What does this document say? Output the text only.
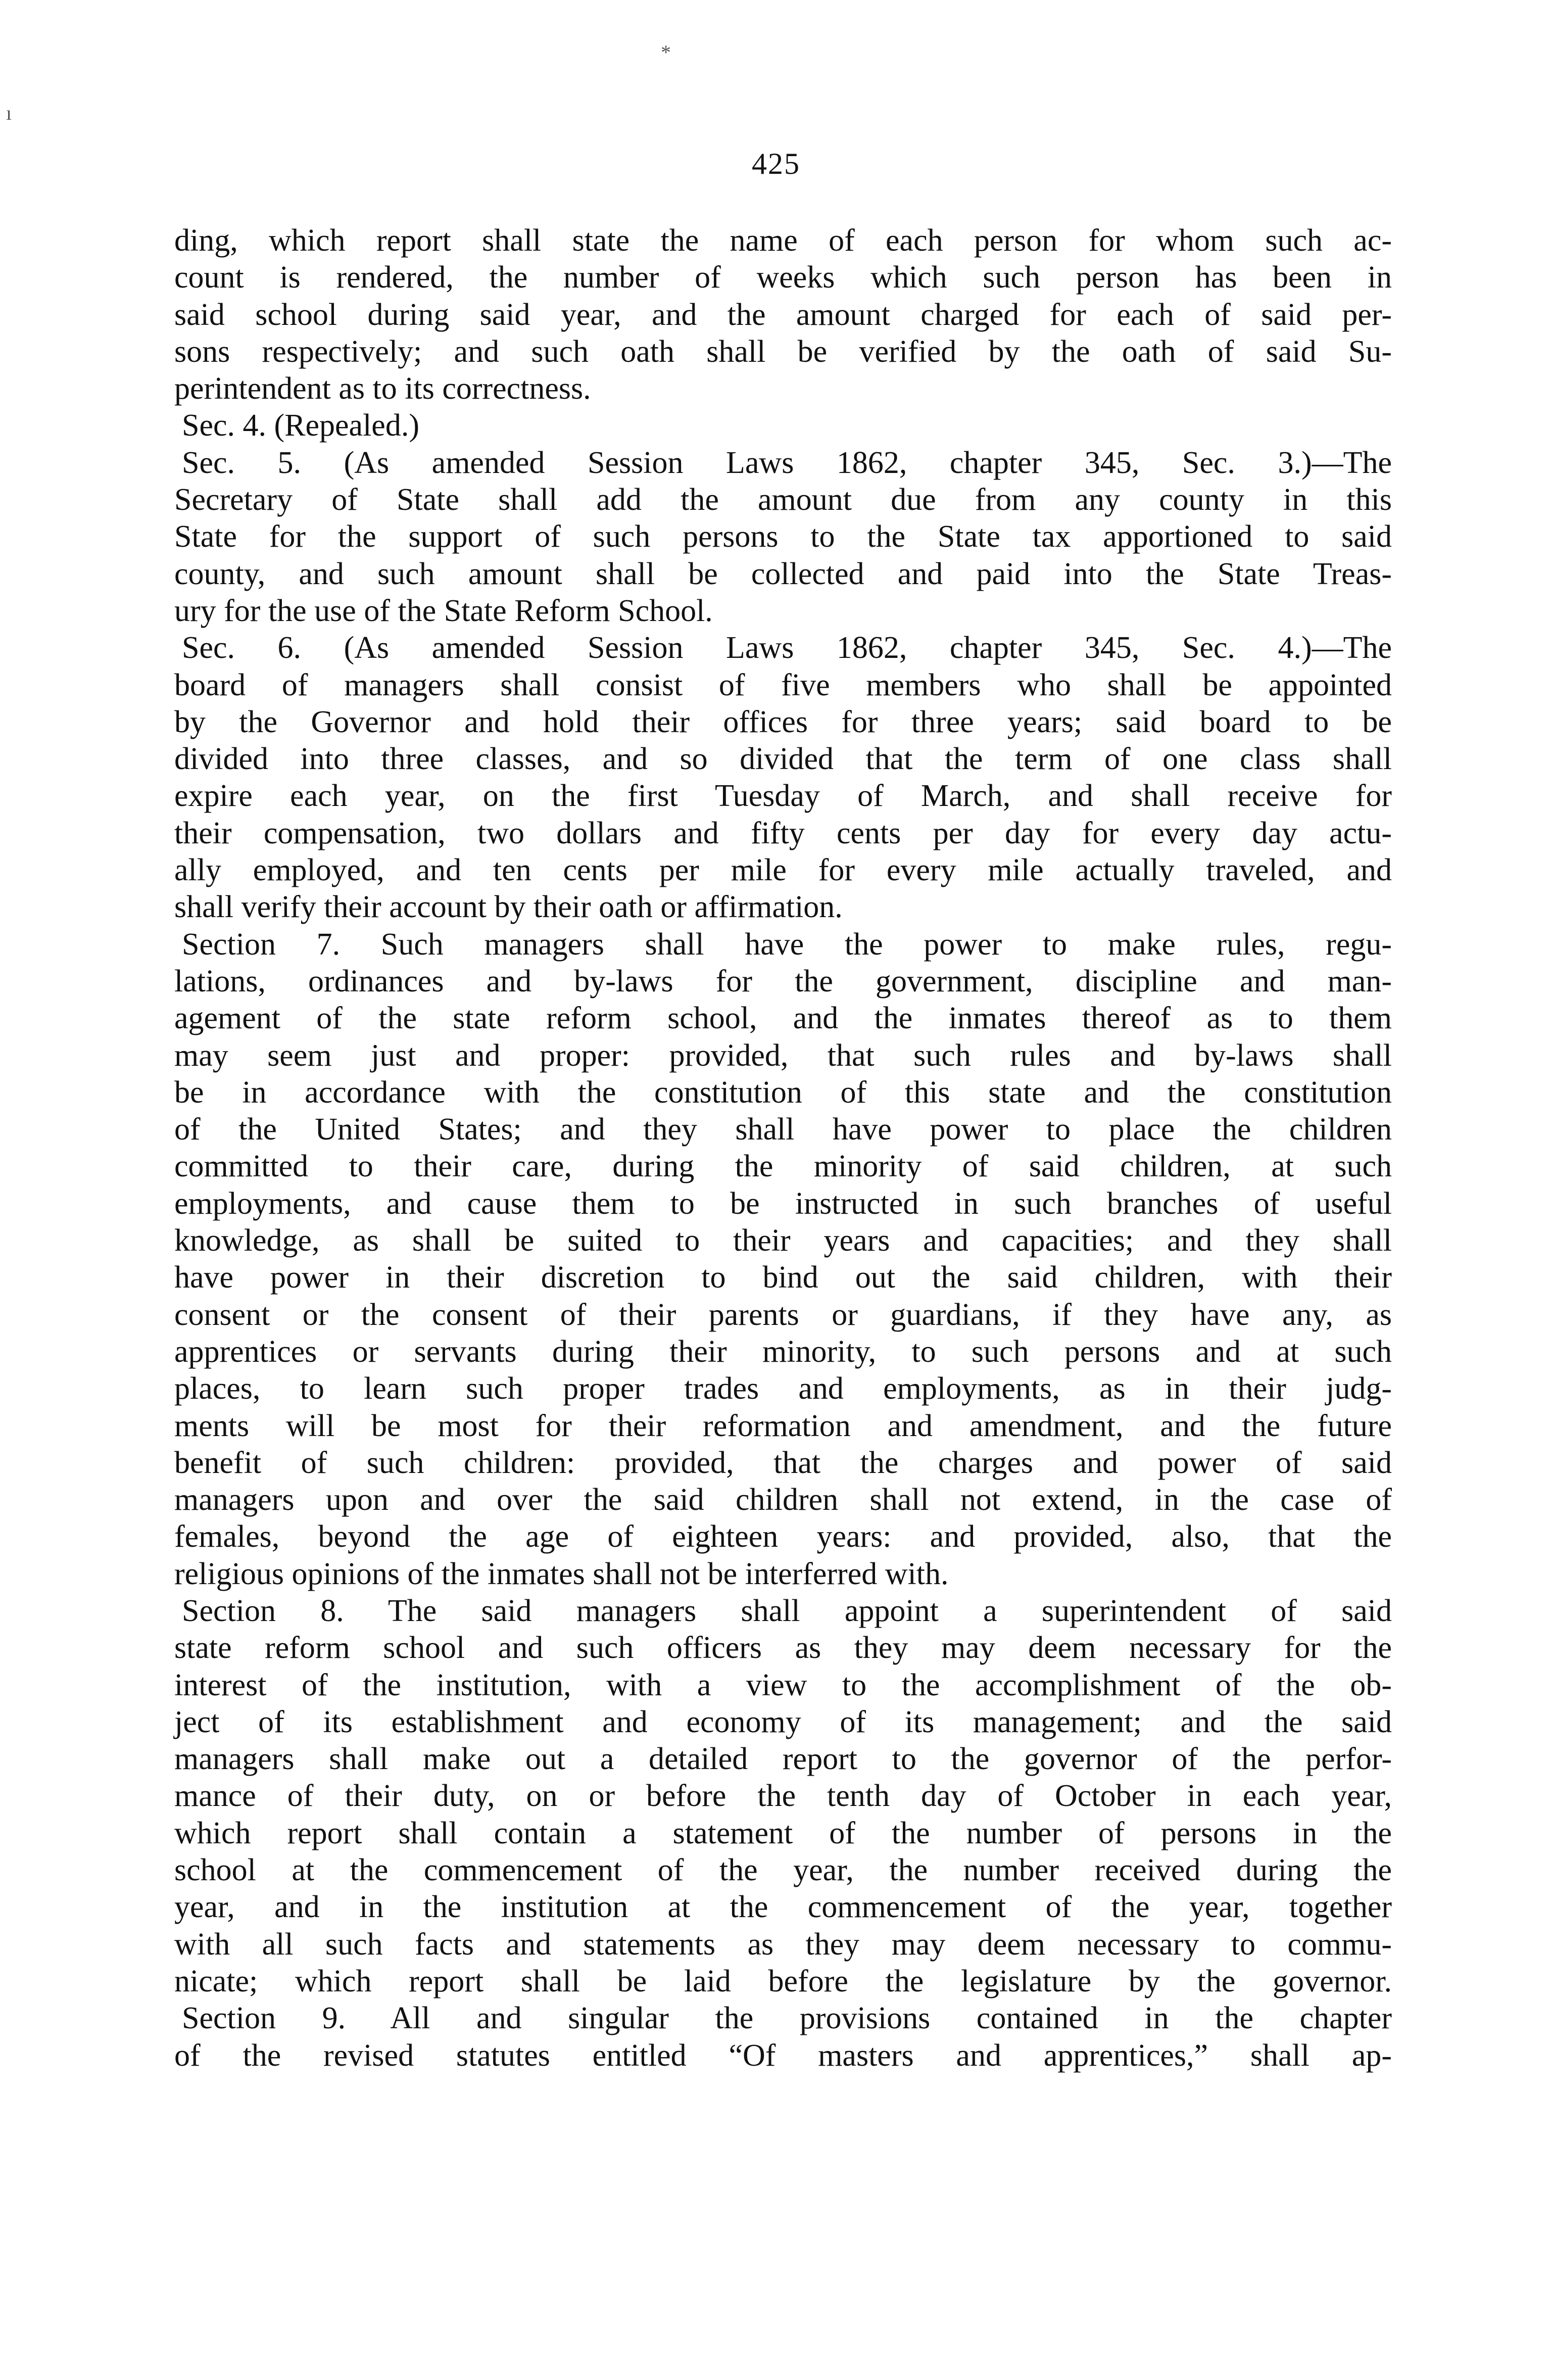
*
ı
425
ding, which report shall state the name of each person for whom such ac-
count is rendered, the number of weeks which such person has been in
said school during said year, and the amount charged for each of said per-
sons respectively; and such oath shall be verified by the oath of said Su-
perintendent as to its correctness.
Sec. 4. (Repealed.)
Sec. 5. (As amended Session Laws 1862, chapter 345, Sec. 3.)—The
Secretary of State shall add the amount due from any county in this
State for the support of such persons to the State tax apportioned to said
county, and such amount shall be collected and paid into the State Treas-
ury for the use of the State Reform School.
Sec. 6. (As amended Session Laws 1862, chapter 345, Sec. 4.)—The
board of managers shall consist of five members who shall be appointed
by the Governor and hold their offices for three years; said board to be
divided into three classes, and so divided that the term of one class shall
expire each year, on the first Tuesday of March, and shall receive for
their compensation, two dollars and fifty cents per day for every day actu-
ally employed, and ten cents per mile for every mile actually traveled, and
shall verify their account by their oath or affirmation.
Section 7. Such managers shall have the power to make rules, regu-
lations, ordinances and by-laws for the government, discipline and man-
agement of the state reform school, and the inmates thereof as to them
may seem just and proper: provided, that such rules and by-laws shall
be in accordance with the constitution of this state and the constitution
of the United States; and they shall have power to place the children
committed to their care, during the minority of said children, at such
employments, and cause them to be instructed in such branches of useful
knowledge, as shall be suited to their years and capacities; and they shall
have power in their discretion to bind out the said children, with their
consent or the consent of their parents or guardians, if they have any, as
apprentices or servants during their minority, to such persons and at such
places, to learn such proper trades and employments, as in their judg-
ments will be most for their reformation and amendment, and the future
benefit of such children: provided, that the charges and power of said
managers upon and over the said children shall not extend, in the case of
females, beyond the age of eighteen years: and provided, also, that the
religious opinions of the inmates shall not be interferred with.
Section 8. The said managers shall appoint a superintendent of said
state reform school and such officers as they may deem necessary for the
interest of the institution, with a view to the accomplishment of the ob-
ject of its establishment and economy of its management; and the said
managers shall make out a detailed report to the governor of the perfor-
mance of their duty, on or before the tenth day of October in each year,
which report shall contain a statement of the number of persons in the
school at the commencement of the year, the number received during the
year, and in the institution at the commencement of the year, together
with all such facts and statements as they may deem necessary to commu-
nicate; which report shall be laid before the legislature by the governor.
Section 9. All and singular the provisions contained in the chapter
of the revised statutes entitled “Of masters and apprentices,” shall ap-
